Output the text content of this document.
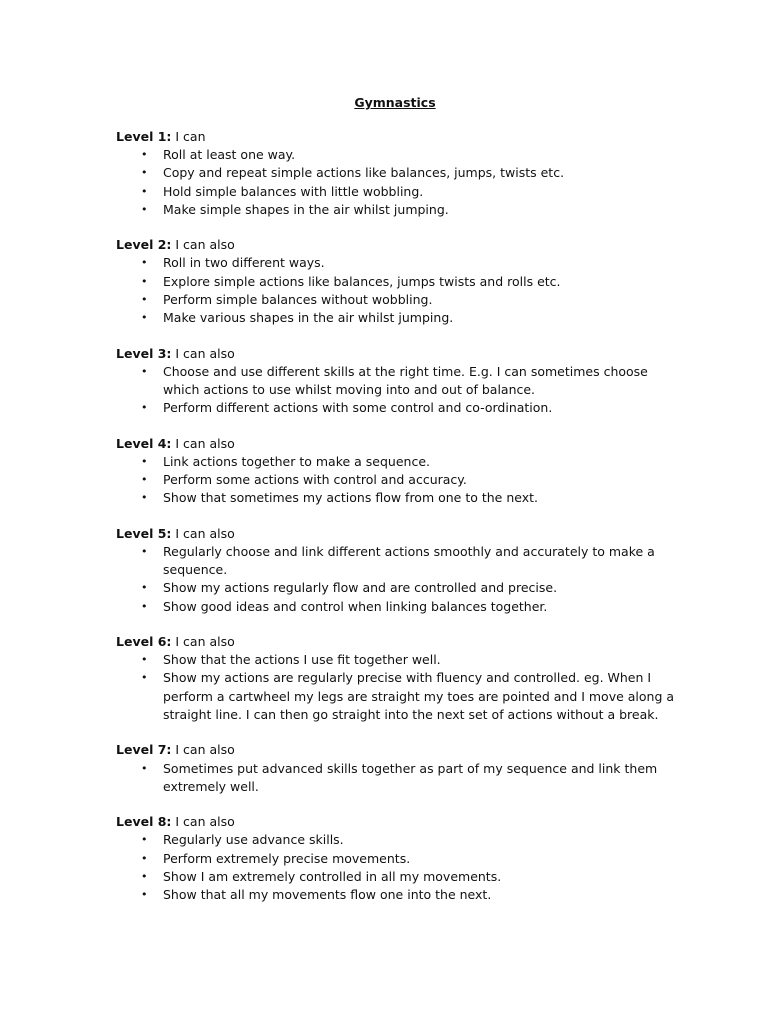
Gymnastics
Level 1: I can
• Roll at least one way.
• Copy and repeat simple actions like balances, jumps, twists etc.
• Hold simple balances with little wobbling.
• Make simple shapes in the air whilst jumping.
Level 2: I can also
• Roll in two different ways.
• Explore simple actions like balances, jumps twists and rolls etc.
• Perform simple balances without wobbling.
• Make various shapes in the air whilst jumping.
Level 3: I can also
• Choose and use different skills at the right time. E.g. I can sometimes choose which actions to use whilst moving into and out of balance.
• Perform different actions with some control and co-ordination.
Level 4: I can also
• Link actions together to make a sequence.
• Perform some actions with control and accuracy.
• Show that sometimes my actions flow from one to the next.
Level 5: I can also
• Regularly choose and link different actions smoothly and accurately to make a sequence.
• Show my actions regularly flow and are controlled and precise.
• Show good ideas and control when linking balances together.
Level 6: I can also
• Show that the actions I use fit together well.
• Show my actions are regularly precise with fluency and controlled. eg. When I perform a cartwheel my legs are straight my toes are pointed and I move along a straight line. I can then go straight into the next set of actions without a break.
Level 7: I can also
• Sometimes put advanced skills together as part of my sequence and link them extremely well.
Level 8: I can also
• Regularly use advance skills.
• Perform extremely precise movements.
• Show I am extremely controlled in all my movements.
• Show that all my movements flow one into the next.
